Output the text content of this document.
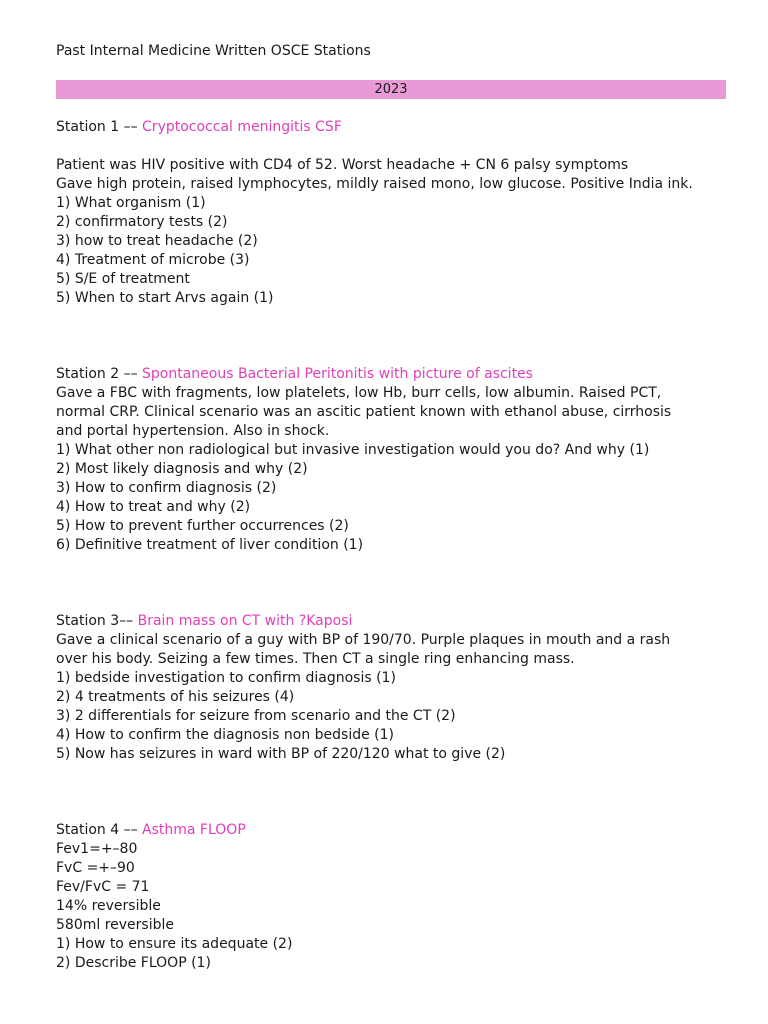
Past Internal Medicine Written OSCE Stations
2023

Station 1 –– Cryptococcal meningitis CSF

Patient was HIV positive with CD4 of 52. Worst headache + CN 6 palsy symptoms

Gave high protein, raised lymphocytes, mildly raised mono, low glucose. Positive India ink.

1) What organism (1)
2) confirmatory tests (2)
3) how to treat headache (2)
4) Treatment of microbe (3)
5) S/E of treatment
5) When to start Arvs again (1)

Station 2 –– Spontaneous Bacterial Peritonitis with picture of ascites

Gave a FBC with fragments, low platelets, low Hb, burr cells, low albumin. Raised PCT,

normal CRP. Clinical scenario was an ascitic patient known with ethanol abuse, cirrhosis

and portal hypertension. Also in shock.

1) What other non radiological but invasive investigation would you do? And why (1)
2) Most likely diagnosis and why (2)
3) How to confirm diagnosis (2)
4) How to treat and why (2)
5) How to prevent further occurrences (2)
6) Definitive treatment of liver condition (1)

Station 3–– Brain mass on CT with ?Kaposi

Gave a clinical scenario of a guy with BP of 190/70. Purple plaques in mouth and a rash

over his body. Seizing a few times. Then CT a single ring enhancing mass.

1) bedside investigation to confirm diagnosis (1)
2) 4 treatments of his seizures (4)
3) 2 differentials for seizure from scenario and the CT (2)
4) How to confirm the diagnosis non bedside (1)
5) Now has seizures in ward with BP of 220/120 what to give (2)

Station 4 –– Asthma FLOOP

Fev1=+–80

FvC =+–90

Fev/FvC = 71

14% reversible

580ml reversible

1) How to ensure its adequate (2)
2) Describe FLOOP (1)
